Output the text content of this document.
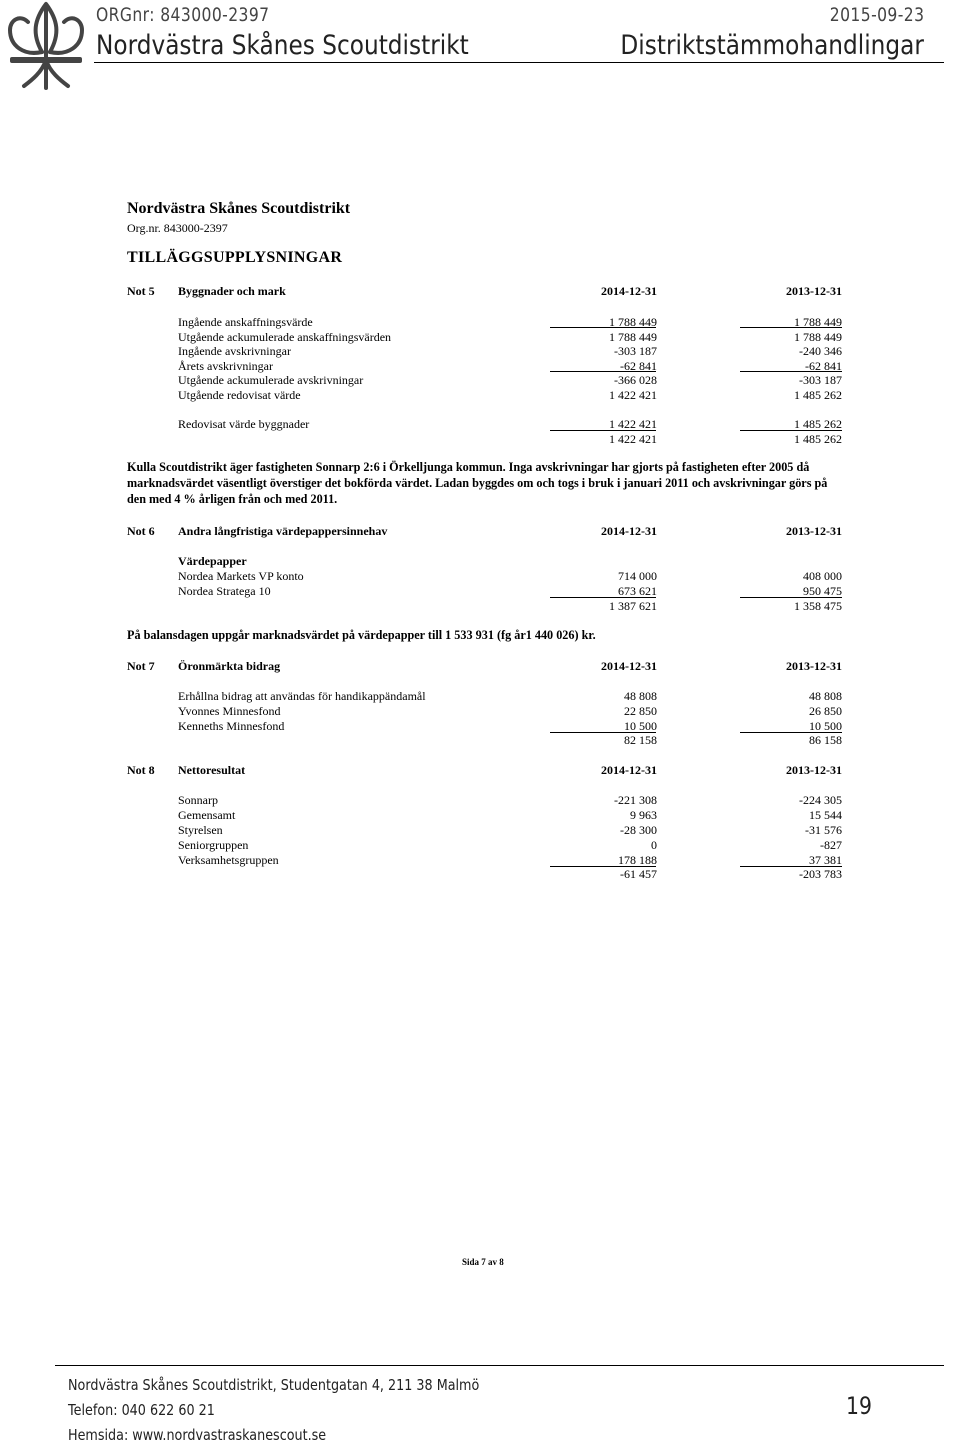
ORGnr: 843000-2397	2015-09-23
Nordvästra Skånes Scoutdistrikt	Distriktstämmohandlingar
Nordvästra Skånes Scoutdistrikt
Org.nr. 843000-2397
TILLÄGGSUPPLYSNINGAR
Not 5 Byggnader och mark	2014-12-31	2013-12-31
Ingående anskaffningsvärde	1 788 449	1 788 449
Utgående ackumulerade anskaffningsvärden	1 788 449	1 788 449
Ingående avskrivningar	-303 187	-240 346
Årets avskrivningar	-62 841	-62 841
Utgående ackumulerade avskrivningar	-366 028	-303 187
Utgående redovisat värde	1 422 421	1 485 262
Redovisat värde byggnader	1 422 421	1 485 262
1 422 421	1 485 262
Kulla Scoutdistrikt äger fastigheten Sonnarp 2:6 i Örkelljunga kommun. Inga avskrivningar har gjorts på fastigheten efter 2005 då marknadsvärdet väsentligt överstiger det bokförda värdet. Ladan byggdes om och togs i bruk i januari 2011 och avskrivningar görs på den med 4 % årligen från och med 2011.
Not 6 Andra långfristiga värdepappersinnehav	2014-12-31	2013-12-31
Värdepapper
Nordea Markets VP konto	714 000	408 000
Nordea Stratega 10	673 621	950 475
1 387 621	1 358 475
På balansdagen uppgår marknadsvärdet på värdepapper till 1 533 931 (fg år1 440 026) kr.
Not 7 Öronmärkta bidrag	2014-12-31	2013-12-31
Erhållna bidrag att användas för handikappändamål	48 808	48 808
Yvonnes Minnesfond	22 850	26 850
Kenneths Minnesfond	10 500	10 500
82 158	86 158
Not 8 Nettoresultat	2014-12-31	2013-12-31
Sonnarp	-221 308	-224 305
Gemensamt	9 963	15 544
Styrelsen	-28 300	-31 576
Seniorgruppen	0	-827
Verksamhetsgruppen	178 188	37 381
-61 457	-203 783
Sida 7 av 8
Nordvästra Skånes Scoutdistrikt, Studentgatan 4, 211 38 Malmö
Telefon: 040 622 60 21
Hemsida: www.nordvastraskanescout.se
19
